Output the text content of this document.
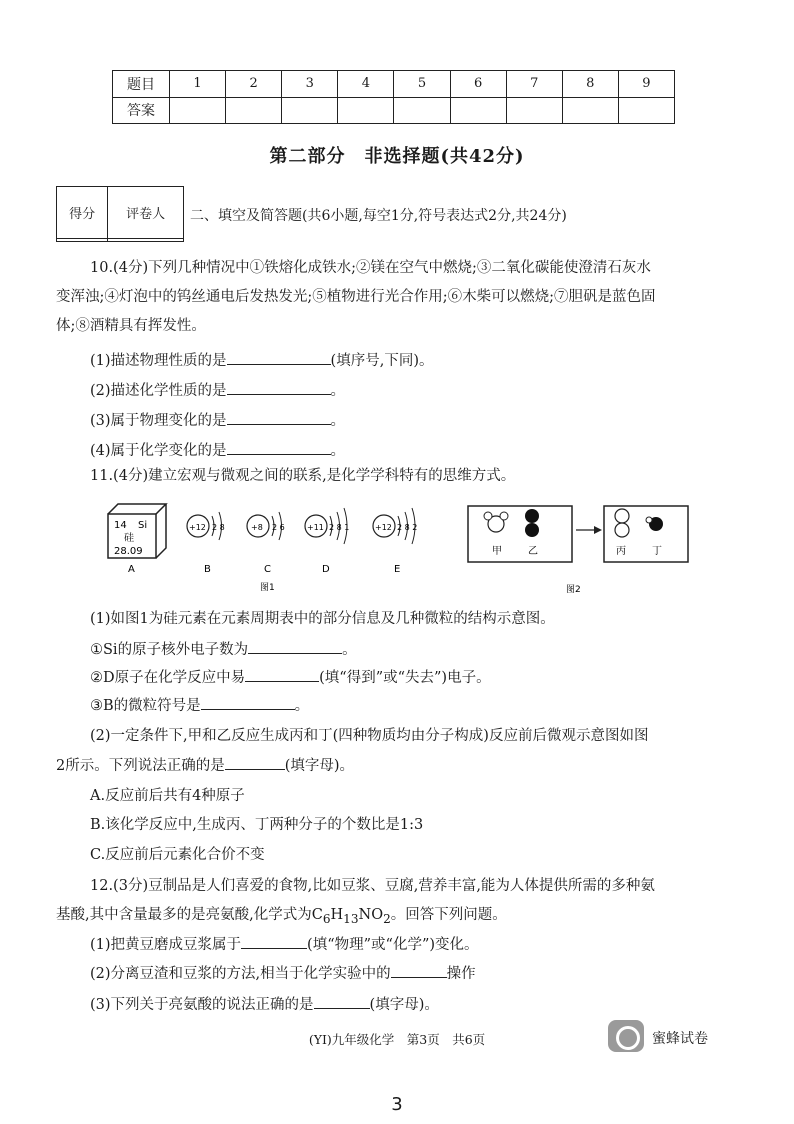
题目	1	2	3	4	5	6	7	8	9
答案									
第二部分　非选择题(共42分)
得分	评卷人
	二、填空及简答题(共6小题,每空1分,符号表达式2分,共24分)
10.(4分)下列几种情况中①铁熔化成铁水;②镁在空气中燃烧;③二氧化碳能使澄清石灰水
变浑浊;④灯泡中的钨丝通电后发热发光;⑤植物进行光合作用;⑥木柴可以燃烧;⑦胆矾是蓝色固
体;⑧酒精具有挥发性。
(1)描述物理性质的是	(填序号,下同)。
(2)描述化学性质的是	。
(3)属于物理变化的是	。
(4)属于化学变化的是	。
11.(4分)建立宏观与微观之间的联系,是化学学科特有的思维方式。
14 Si
硅
28.09
+12 2 8	+8 2 6	+11 2 8 1	+12 2 8 2
A	B	C	D	E
图1
甲	乙	丙	丁
图2
(1)如图1为硅元素在元素周期表中的部分信息及几种微粒的结构示意图。
①Si的原子核外电子数为	。
②D原子在化学反应中易	(填“得到”或“失去”)电子。
③B的微粒符号是	。
(2)一定条件下,甲和乙反应生成丙和丁(四种物质均由分子构成)反应前后微观示意图如图
2所示。下列说法正确的是	(填字母)。
A.反应前后共有4种原子
B.该化学反应中,生成丙、丁两种分子的个数比是1:3
C.反应前后元素化合价不变
12.(3分)豆制品是人们喜爱的食物,比如豆浆、豆腐,营养丰富,能为人体提供所需的多种氨
基酸,其中含量最多的是亮氨酸,化学式为$C_6H_{13}NO_2$。回答下列问题。
(1)把黄豆磨成豆浆属于	(填“物理”或“化学”)变化。
(2)分离豆渣和豆浆的方法,相当于化学实验中的	操作
(3)下列关于亮氨酸的说法正确的是	(填字母)。
(YI)九年级化学　第3页　共6页	蜜蜂试卷
3
